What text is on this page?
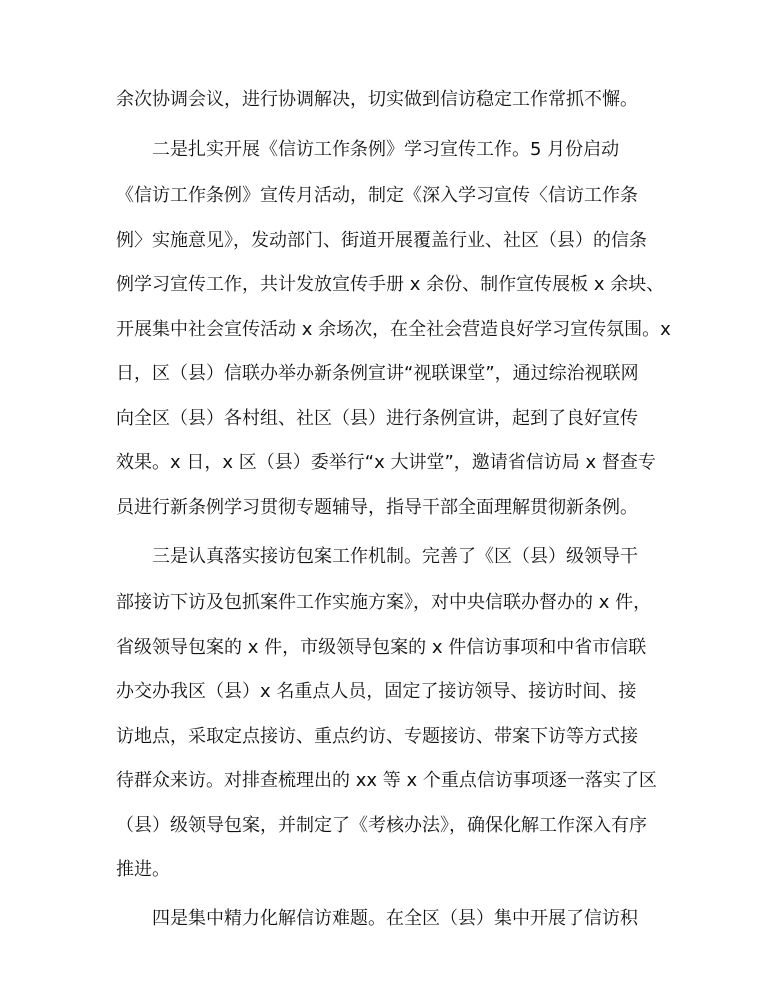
余次协调会议，进行协调解决，切实做到信访稳定工作常抓不懈。
二是扎实开展《信访工作条例》学习宣传工作。5 月份启动
《信访工作条例》宣传月活动，制定《深入学习宣传〈信访工作条
例〉实施意见》，发动部门、街道开展覆盖行业、社区（县）的信条
例学习宣传工作，共计发放宣传手册 x 余份、制作宣传展板 x 余块、
开展集中社会宣传活动 x 余场次，在全社会营造良好学习宣传氛围。x
日，区（县）信联办举办新条例宣讲“视联课堂”，通过综治视联网
向全区（县）各村组、社区（县）进行条例宣讲，起到了良好宣传
效果。x 日，x 区（县）委举行“x 大讲堂”，邀请省信访局 x 督查专
员进行新条例学习贯彻专题辅导，指导干部全面理解贯彻新条例。
三是认真落实接访包案工作机制。完善了《区（县）级领导干
部接访下访及包抓案件工作实施方案》，对中央信联办督办的 x 件，
省级领导包案的 x 件，市级领导包案的 x 件信访事项和中省市信联
办交办我区（县）x 名重点人员，固定了接访领导、接访时间、接
访地点，采取定点接访、重点约访、专题接访、带案下访等方式接
待群众来访。对排查梳理出的 xx 等 x 个重点信访事项逐一落实了区
（县）级领导包案，并制定了《考核办法》，确保化解工作深入有序
推进。
四是集中精力化解信访难题。在全区（县）集中开展了信访积
